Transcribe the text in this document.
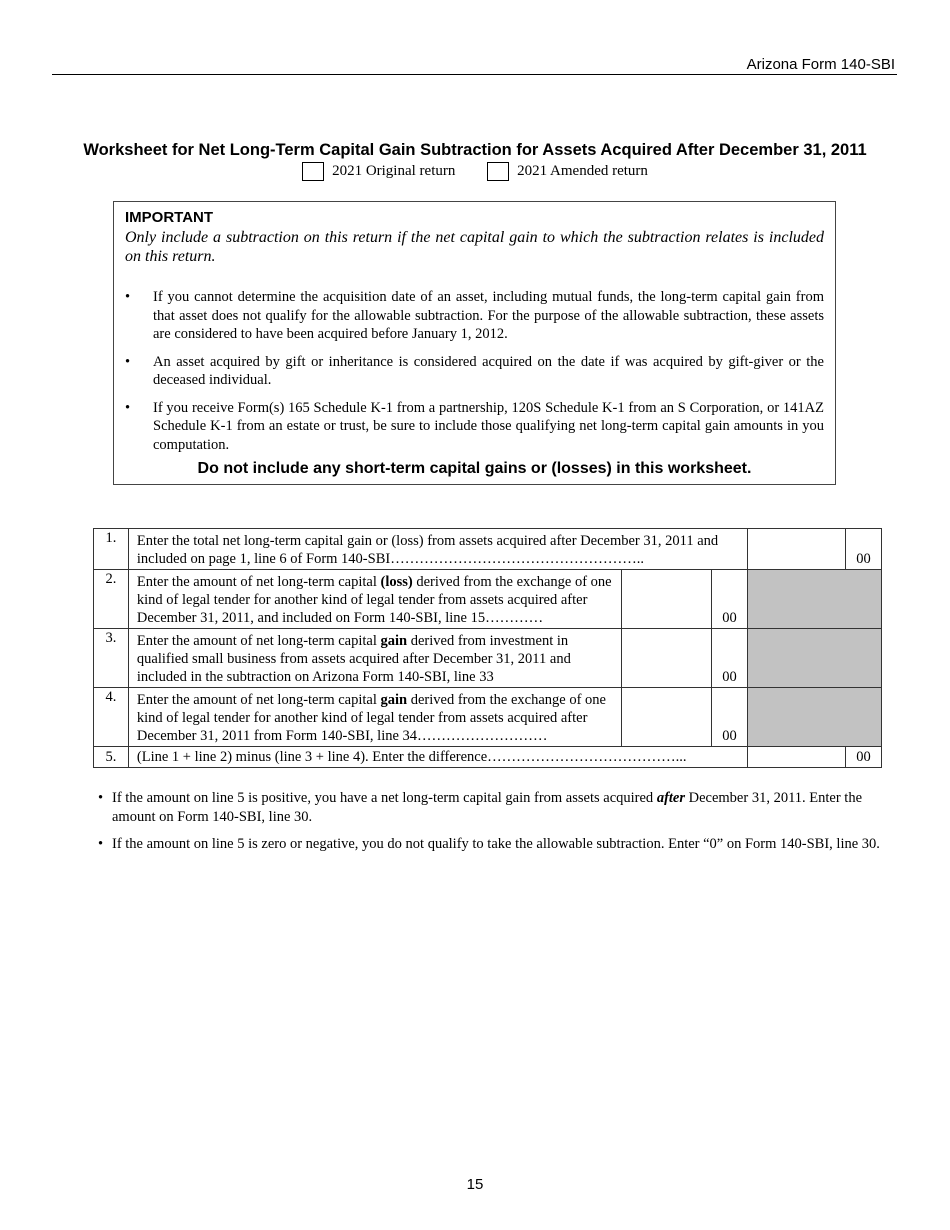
Arizona Form 140-SBI
Worksheet for Net Long-Term Capital Gain Subtraction for Assets Acquired After December 31, 2011
2021 Original return
	2021 Amended return
IMPORTANT
Only include a subtraction on this return if the net capital gain to which the subtraction relates is included on this return.
• If you cannot determine the acquisition date of an asset, including mutual funds, the long-term capital gain from that asset does not qualify for the allowable subtraction. For the purpose of the allowable subtraction, these assets are considered to have been acquired before January 1, 2012.
• An asset acquired by gift or inheritance is considered acquired on the date if was acquired by gift-giver or the deceased individual.
• If you receive Form(s) 165 Schedule K-1 from a partnership, 120S Schedule K-1 from an S Corporation, or 141AZ Schedule K-1 from an estate or trust, be sure to include those qualifying net long-term capital gain amounts in you computation.
Do not include any short-term capital gains or (losses) in this worksheet.
1.	Enter the total net long-term capital gain or (loss) from assets acquired after December 31, 2011 and included on page 1, line 6 of Form 140-SBI……………………………………………..				00
2.	Enter the amount of net long-term capital (loss) derived from the exchange of one kind of legal tender for another kind of legal tender from assets acquired after December 31, 2011, and included on Form 140-SBI, line 15…………		00		
3.	Enter the amount of net long-term capital gain derived from investment in qualified small business from assets acquired after December 31, 2011 and included in the subtraction on Arizona Form 140-SBI, line 33		00		
4.	Enter the amount of net long-term capital gain derived from the exchange of one kind of legal tender for another kind of legal tender from assets acquired after December 31, 2011 from Form 140-SBI, line 34………………………		00		
5.	(Line 1 + line 2) minus (line 3 + line 4). Enter the difference…………………………………...				00
• If the amount on line 5 is positive, you have a net long-term capital gain from assets acquired after December 31, 2011. Enter the amount on Form 140-SBI, line 30.
• If the amount on line 5 is zero or negative, you do not qualify to take the allowable subtraction. Enter “0” on Form 140-SBI, line 30.
15
